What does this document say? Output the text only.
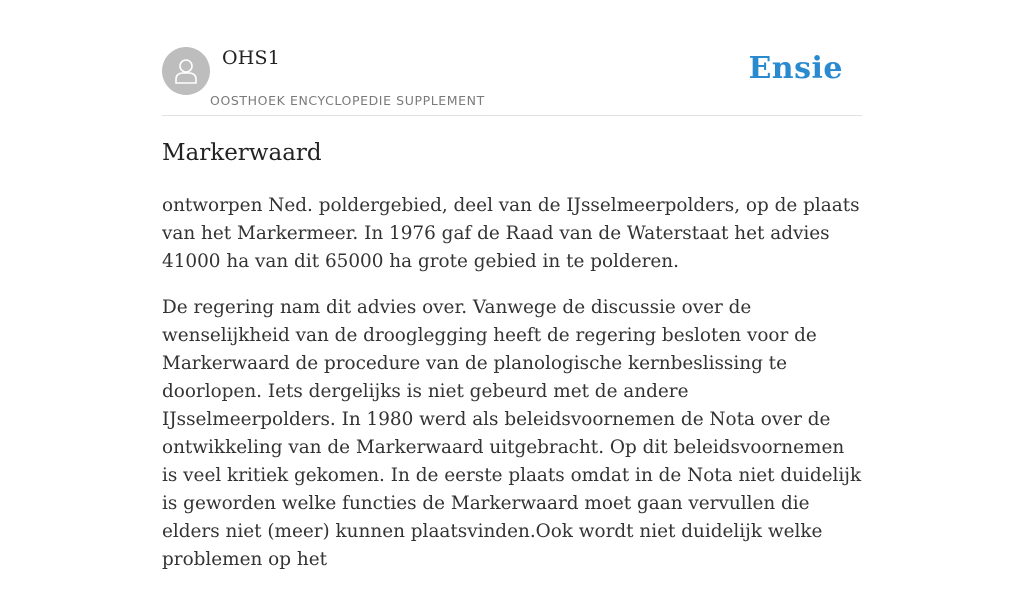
OHS1
OOSTHOEK ENCYCLOPEDIE SUPPLEMENT
Ensie
Markerwaard

ontworpen Ned. poldergebied, deel van de IJsselmeerpolders, op de plaats van het Markermeer. In 1976 gaf de Raad van de Waterstaat het advies 41000 ha van dit 65000 ha grote gebied in te polderen.

De regering nam dit advies over. Vanwege de discussie over de wenselijkheid van de drooglegging heeft de regering besloten voor de Markerwaard de procedure van de planologische kernbeslissing te doorlopen. Iets dergelijks is niet gebeurd met de andere IJsselmeerpolders. In 1980 werd als beleidsvoornemen de Nota over de ontwikkeling van de Markerwaard uitgebracht. Op dit beleidsvoornemen is veel kritiek gekomen. In de eerste plaats omdat in de Nota niet duidelijk is geworden welke functies de Markerwaard moet gaan vervullen die elders niet (meer) kunnen plaatsvinden.Ook wordt niet duidelijk welke problemen op het
